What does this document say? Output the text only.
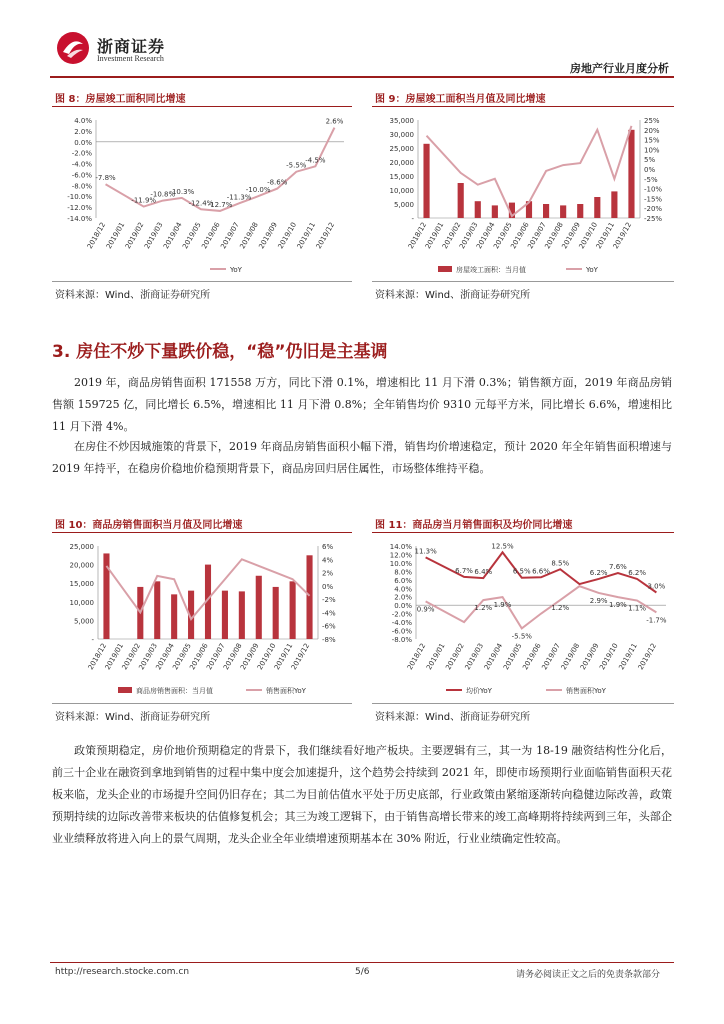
浙商证券
Investment Research
房地产行业月度分析
图 8：房屋竣工面积同比增速	图 9：房屋竣工面积当月值及同比增速
4.0%
2.0%
0.0%
-2.0%
-4.0%
-6.0%
-8.0%
-10.0%
-12.0%
-14.0%
-7.8%
-11.9%
-10.8%
-10.3%
-12.4%
-12.7%
-11.3%
-10.0%
-8.6%
-5.5%
-4.5%
2.6%
2018/12
2019/01
2019/02
2019/03
2019/04
2019/05
2019/06
2019/07
2019/08
2019/09
2019/10
2019/11
2019/12
YoY
35,000
30,000
25,000
20,000
15,000
10,000
5,000
-
25%
20%
15%
10%
5%
0%
-5%
-10%
-15%
-20%
-25%
2018/12
2019/01
2019/02
2019/03
2019/04
2019/05
2019/06
2019/07
2019/08
2019/09
2019/10
2019/11
2019/12
房屋竣工面积：当月值	YoY
资料来源：Wind、浙商证券研究所	资料来源：Wind、浙商证券研究所
3. 房住不炒下量跌价稳，“稳”仍旧是主基调
2019 年，商品房销售面积 171558 万方，同比下滑 0.1%，增速相比 11 月下滑 0.3%；销售额方面，2019 年商品房销售额 159725 亿，同比增长 6.5%，增速相比 11 月下滑 0.8%；全年销售均价 9310 元每平方米，同比增长 6.6%，增速相比 11 月下滑 4%。
在房住不炒因城施策的背景下，2019 年商品房销售面积小幅下滑，销售均价增速稳定，预计 2020 年全年销售面积增速与 2019 年持平，在稳房价稳地价稳预期背景下，商品房回归居住属性，市场整体维持平稳。
图 10：商品房销售面积当月值及同比增速	图 11：商品房当月销售面积及均价同比增速
25,000
20,000
15,000
10,000
5,000
-
6%
4%
2%
0%
-2%
-4%
-6%
-8%
2018/12
2019/01
2019/02
2019/03
2019/04
2019/05
2019/06
2019/07
2019/08
2019/09
2019/10
2019/11
2019/12
商品房销售面积：当月值	销售面积YoY
14.0%
12.0%
10.0%
8.0%
6.0%
4.0%
2.0%
0.0%
-2.0%
-4.0%
-6.0%
-8.0%
11.3%
6.7% 6.4%
12.5%
6.5% 6.6%
8.5%
6.2%
7.6%
6.2%
3.0%
0.9%	1.2% 1.9%
-5.5%
1.2%
2.9%
1.9% 1.1%
-1.7%
2018/12
2019/01
2019/02
2019/03
2019/04
2019/05
2019/06
2019/07
2019/08
2019/09
2019/10
2019/11
2019/12
均价YoY	销售面积YoY
资料来源：Wind、浙商证券研究所	资料来源：Wind、浙商证券研究所
政策预期稳定，房价地价预期稳定的背景下，我们继续看好地产板块。主要逻辑有三，其一为 18-19 融资结构性分化后，前三十企业在融资到拿地到销售的过程中集中度会加速提升，这个趋势会持续到 2021 年，即使市场预期行业面临销售面积天花板来临，龙头企业的市场提升空间仍旧存在；其二为目前估值水平处于历史底部，行业政策由紧缩逐渐转向稳健边际改善，政策预期持续的边际改善带来板块的估值修复机会；其三为竣工逻辑下，由于销售高增长带来的竣工高峰期将持续两到三年，头部企业业绩释放将进入向上的景气周期，龙头企业全年业绩增速预期基本在 30% 附近，行业业绩确定性较高。
http://research.stocke.com.cn	5/6	请务必阅读正文之后的免责条款部分
